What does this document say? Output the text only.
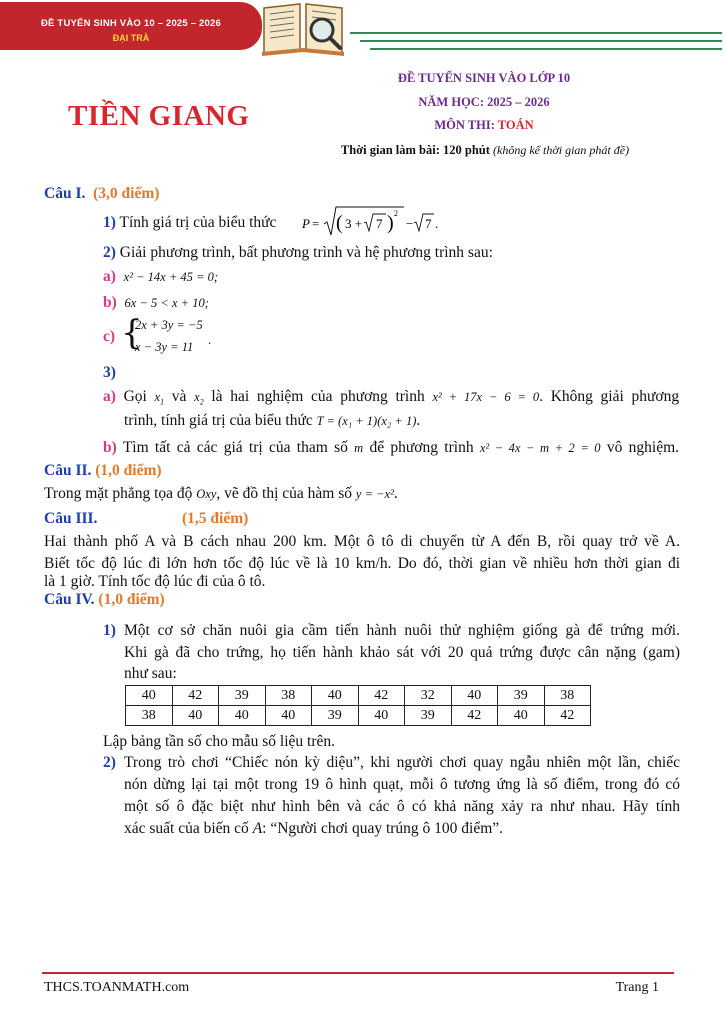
ĐỀ TUYỂN SINH VÀO 10 – 2025 – 2026
ĐẠI TRÀ
TIỀN GIANG
ĐỀ TUYỂN SINH VÀO LỚP 10
NĂM HỌC: 2025 – 2026
MÔN THI: TOÁN
Thời gian làm bài: 120 phút (không kể thời gian phát đề)
Câu I. (3,0 điểm)
1) Tính giá trị của biểu thức P = ( 3 + 7 ) 2
− 7 .
2) Giải phương trình, bất phương trình và hệ phương trình sau:
a) x² − 14x + 45 = 0;
b) 6x − 5 < x + 10;
c) {
2x + 3y = −5
x − 3y = 11 .
3)
a) Gọi $x_1$ và $x_2$ là hai nghiệm của phương trình x² + 17x − 6 = 0. Không giải phương
trình, tính giá trị của biểu thức T = (x₁ + 1)(x₂ + 1).
b) Tìm tất cả các giá trị của tham số m để phương trình x² − 4x − m + 2 = 0 vô nghiệm.
Câu II. (1,0 điểm)
Trong mặt phẳng tọa độ Oxy, vẽ đồ thị của hàm số y = −x².
Câu III.	(1,5 điểm)
Hai thành phố A và B cách nhau 200 km. Một ô tô di chuyển từ A đến B, rồi quay trở về A.
Biết tốc độ lúc đi lớn hơn tốc độ lúc về là 10 km/h. Do đó, thời gian về nhiều hơn thời gian đi
là 1 giờ. Tính tốc độ lúc đi của ô tô.
Câu IV. (1,0 điểm)
1) Một cơ sở chăn nuôi gia cầm tiến hành nuôi thử nghiệm giống gà để trứng mới.
Khi gà đã cho trứng, họ tiến hành khảo sát với 20 quả trứng được cân nặng (gam)
như sau:
40	42	39	38	40	42	32	40	39	38
38	40	40	40	39	40	39	42	40	42
Lập bảng tần số cho mẫu số liệu trên.
2) Trong trò chơi “Chiếc nón kỳ diệu”, khi người chơi quay ngẫu nhiên một lần, chiếc
nón dừng lại tại một trong 19 ô hình quạt, mỗi ô tương ứng là số điểm, trong đó có
một số ô đặc biệt như hình bên và các ô có khả năng xảy ra như nhau. Hãy tính
xác suất của biến cố A: “Người chơi quay trúng ô 100 điểm”.
THCS.TOANMATH.com	Trang 1
